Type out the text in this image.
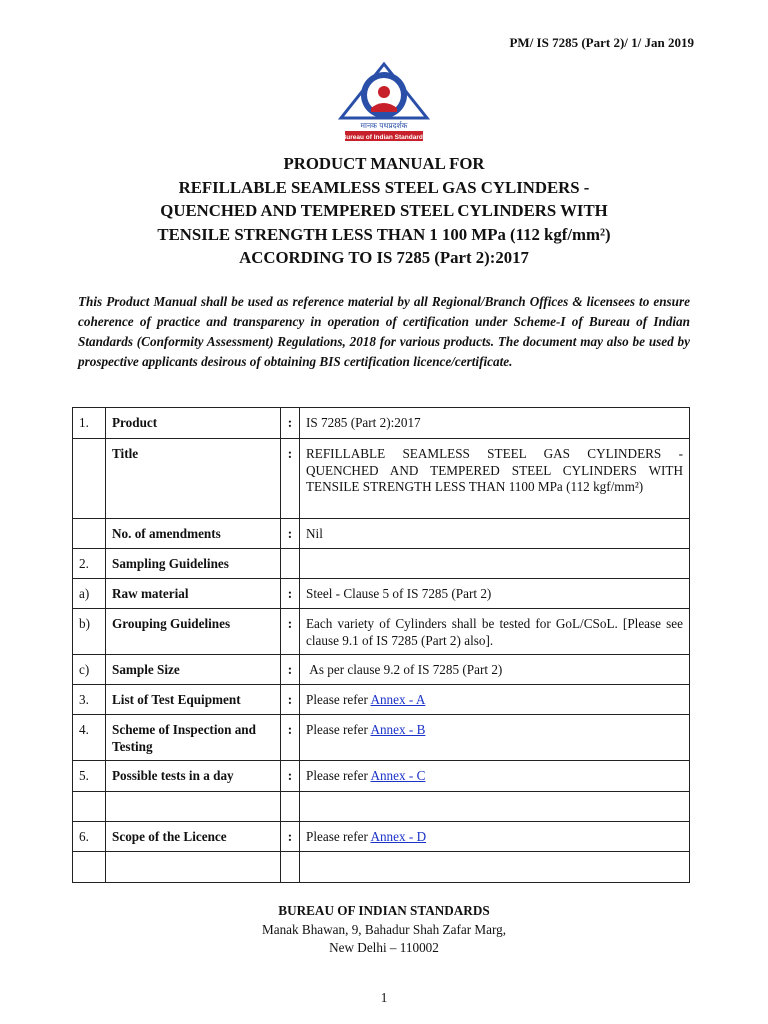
PM/ IS 7285 (Part 2)/ 1/ Jan 2019
मानक पथप्रदर्शक
Bureau of Indian Standards
PRODUCT MANUAL FOR
REFILLABLE SEAMLESS STEEL GAS CYLINDERS -
QUENCHED AND TEMPERED STEEL CYLINDERS WITH
TENSILE STRENGTH LESS THAN 1 100 MPa (112 kgf/mm²)
ACCORDING TO IS 7285 (Part 2):2017
This Product Manual shall be used as reference material by all Regional/Branch Offices & licensees to ensure coherence of practice and transparency in operation of certification under Scheme-I of Bureau of Indian Standards (Conformity Assessment) Regulations, 2018 for various products. The document may also be used by prospective applicants desirous of obtaining BIS certification licence/certificate.
1.	Product	:	IS 7285 (Part 2):2017
	Title	:	REFILLABLE SEAMLESS STEEL GAS CYLINDERS - QUENCHED AND TEMPERED STEEL CYLINDERS WITH TENSILE STRENGTH LESS THAN 1100 MPa (112 kgf/mm²)
	No. of amendments	:	Nil
2.	Sampling Guidelines		
a)	Raw material	:	Steel - Clause 5 of IS 7285 (Part 2)
b)	Grouping Guidelines	:	Each variety of Cylinders shall be tested for GoL/CSoL. [Please see clause 9.1 of IS 7285 (Part 2) also].
c)	Sample Size	:	As per clause 9.2 of IS 7285 (Part 2)
3.	List of Test Equipment	:	Please refer Annex - A
4.	Scheme of Inspection and Testing	:	Please refer Annex - B
5.	Possible tests in a day	:	Please refer Annex - C

6.	Scope of the Licence	:	Please refer Annex - D

BUREAU OF INDIAN STANDARDS
Manak Bhawan, 9, Bahadur Shah Zafar Marg,
New Delhi – 110002
1
